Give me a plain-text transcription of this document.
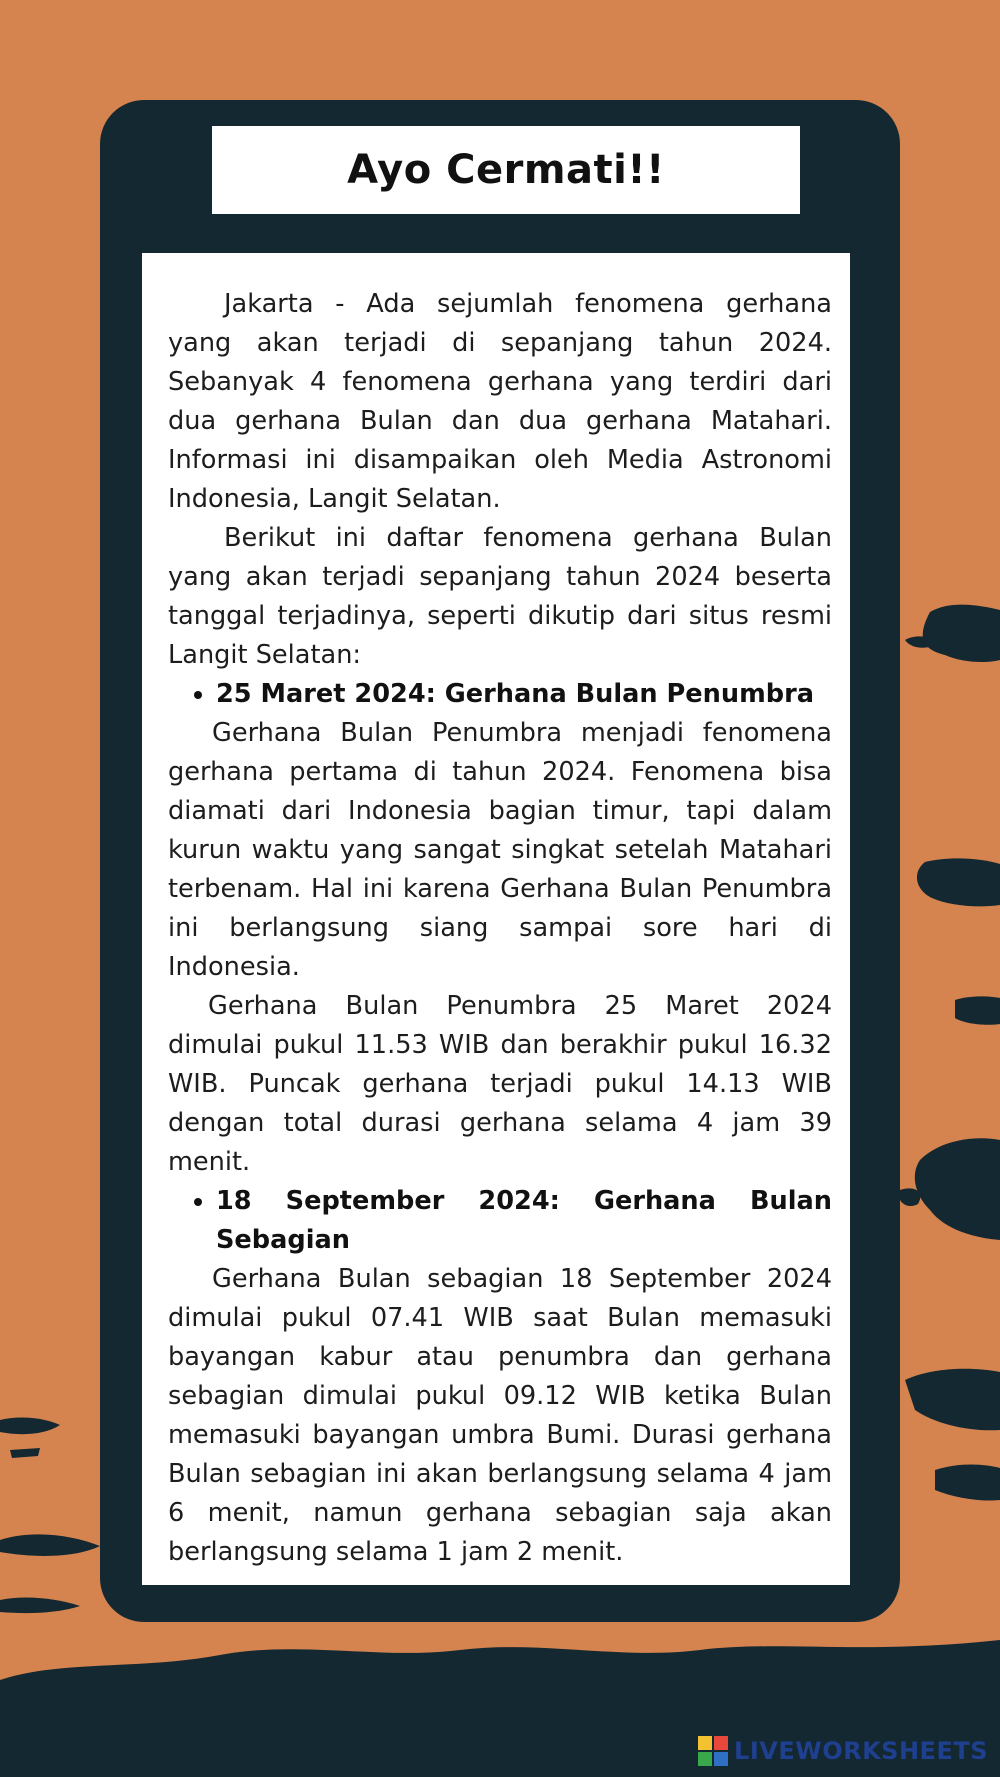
Ayo Cermati!!

Jakarta - Ada sejumlah fenomena gerhana yang akan terjadi di sepanjang tahun 2024. Sebanyak 4 fenomena gerhana yang terdiri dari dua gerhana Bulan dan dua gerhana Matahari. Informasi ini disampaikan oleh Media Astronomi Indonesia, Langit Selatan.

Berikut ini daftar fenomena gerhana Bulan yang akan terjadi sepanjang tahun 2024 beserta tanggal terjadinya, seperti dikutip dari situs resmi Langit Selatan:

• 25 Maret 2024: Gerhana Bulan Penumbra

Gerhana Bulan Penumbra menjadi fenomena gerhana pertama di tahun 2024. Fenomena bisa diamati dari Indonesia bagian timur, tapi dalam kurun waktu yang sangat singkat setelah Matahari terbenam. Hal ini karena Gerhana Bulan Penumbra ini berlangsung siang sampai sore hari di Indonesia.

Gerhana Bulan Penumbra 25 Maret 2024 dimulai pukul 11.53 WIB dan berakhir pukul 16.32 WIB. Puncak gerhana terjadi pukul 14.13 WIB dengan total durasi gerhana selama 4 jam 39 menit.

• 18 September 2024: Gerhana Bulan Sebagian

Gerhana Bulan sebagian 18 September 2024 dimulai pukul 07.41 WIB saat Bulan memasuki bayangan kabur atau penumbra dan gerhana sebagian dimulai pukul 09.12 WIB ketika Bulan memasuki bayangan umbra Bumi. Durasi gerhana Bulan sebagian ini akan berlangsung selama 4 jam 6 menit, namun gerhana sebagian saja akan berlangsung selama 1 jam 2 menit.

LIVEWORKSHEETS
